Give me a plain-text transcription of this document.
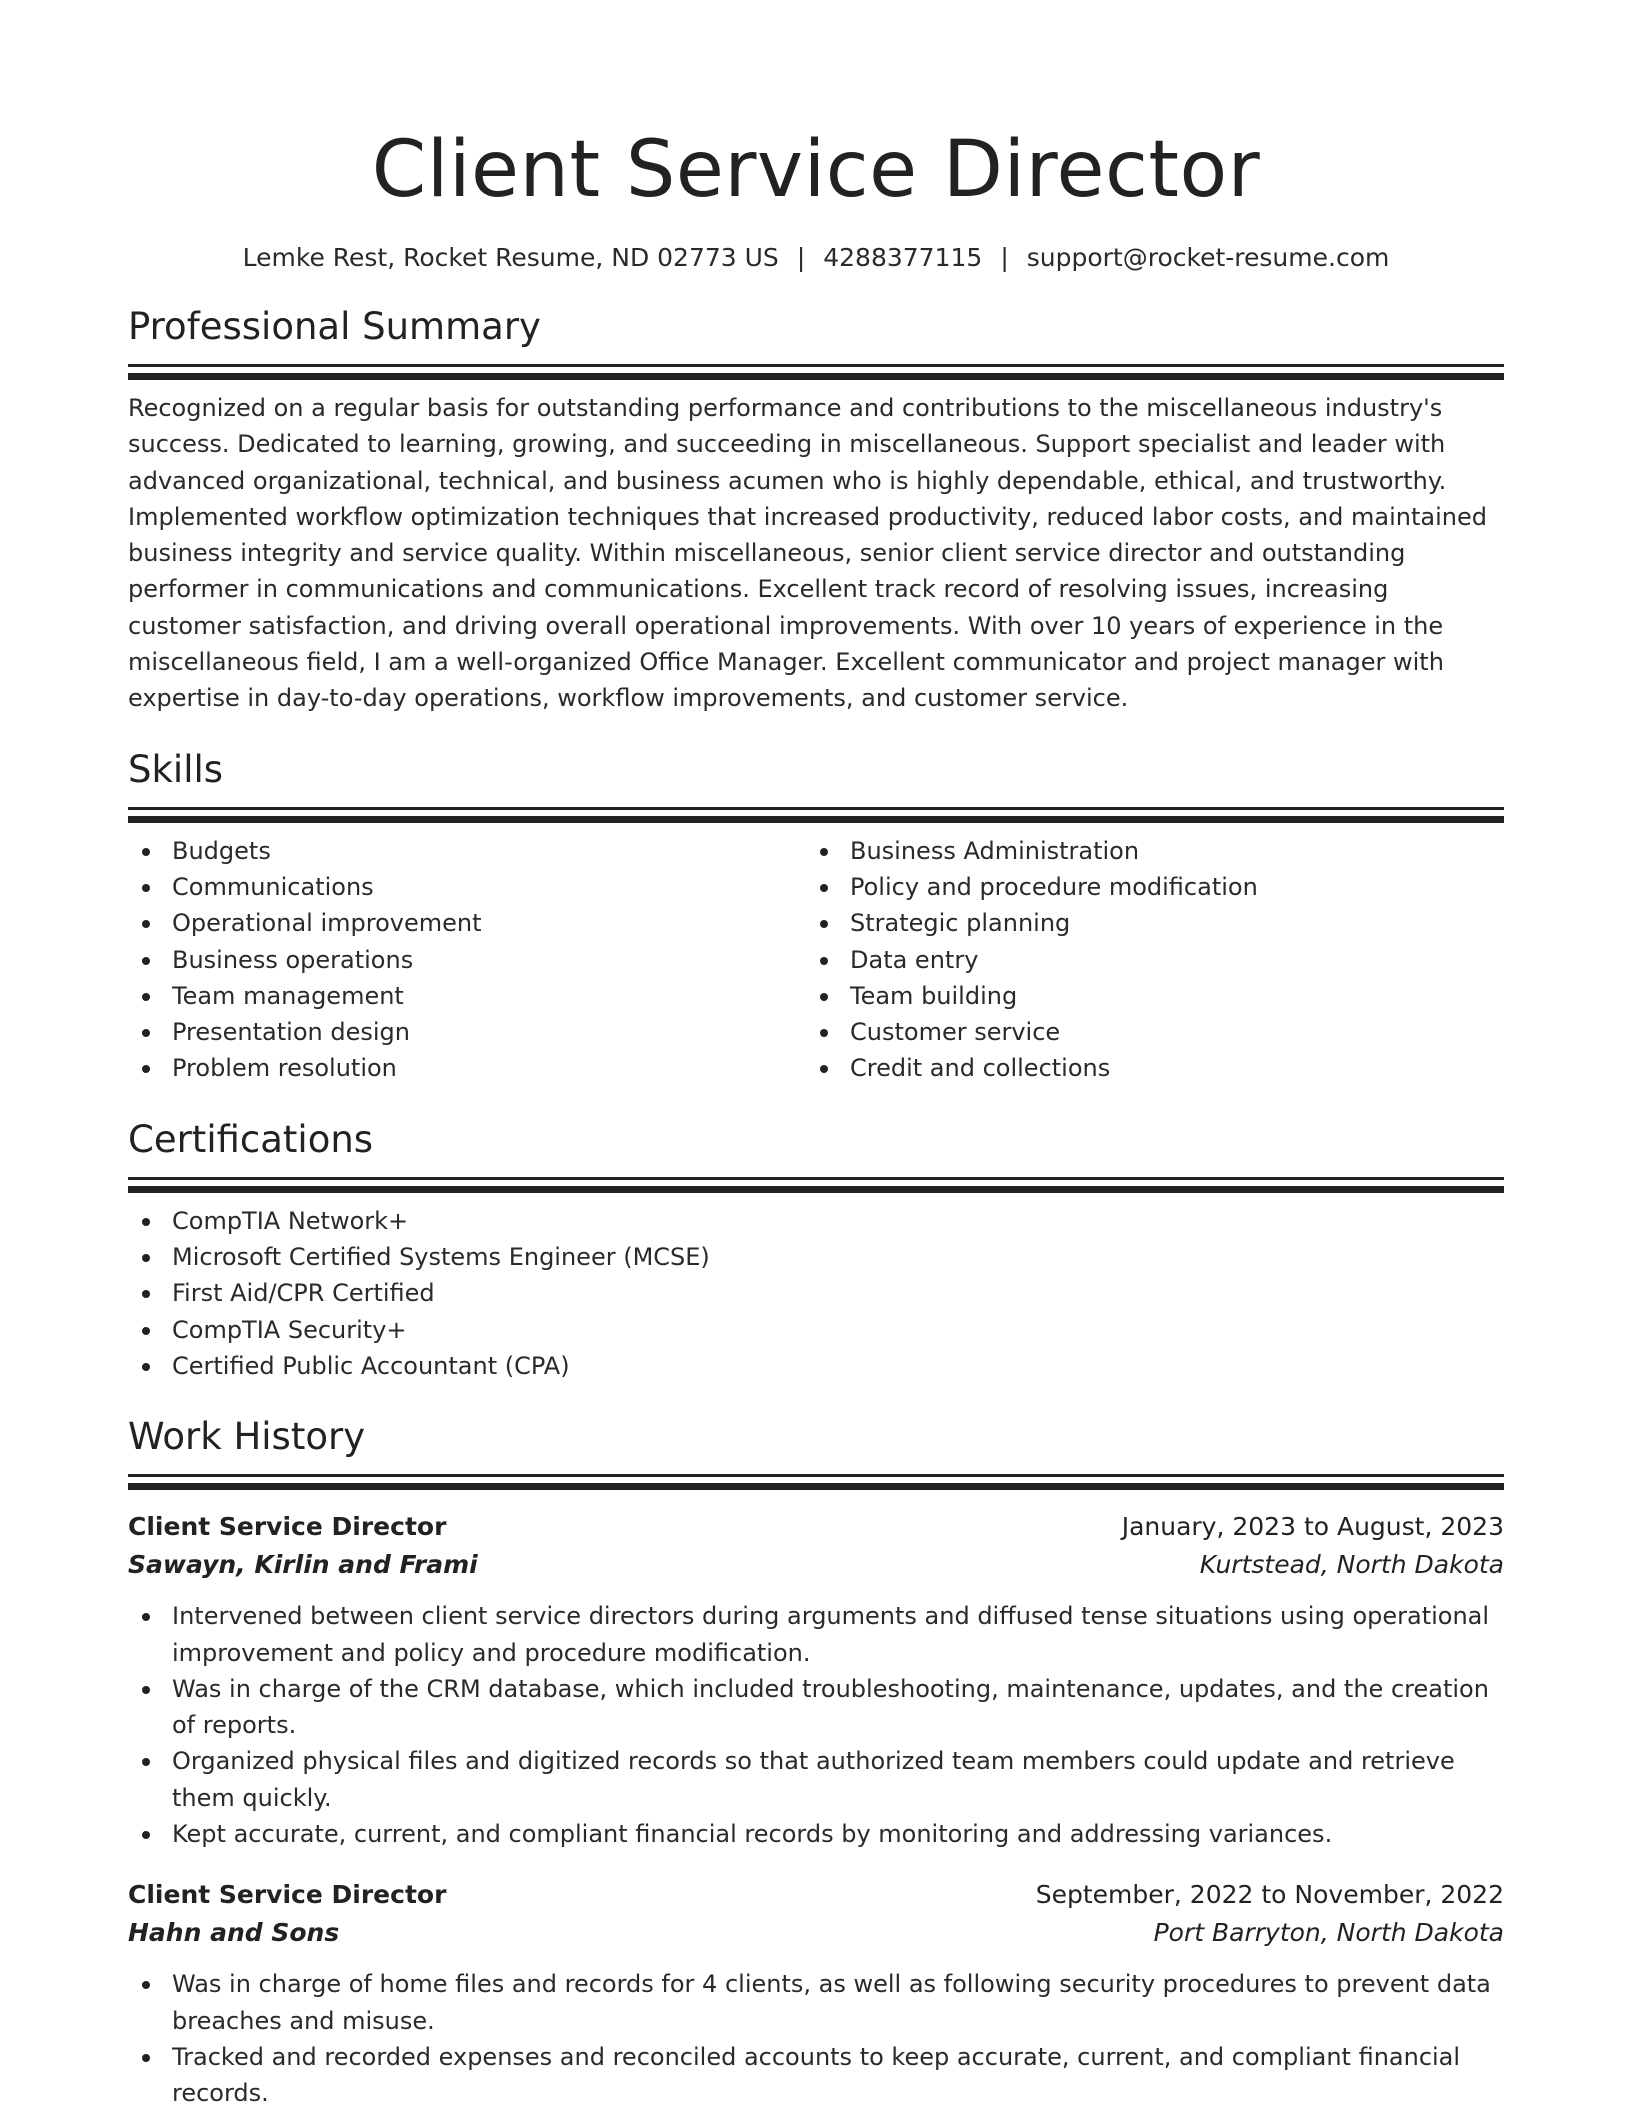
Client Service Director
Lemke Rest, Rocket Resume, ND 02773 US | 4288377115 | support@rocket-resume.com
Professional Summary
Recognized on a regular basis for outstanding performance and contributions to the miscellaneous industry's success. Dedicated to learning, growing, and succeeding in miscellaneous. Support specialist and leader with advanced organizational, technical, and business acumen who is highly dependable, ethical, and trustworthy. Implemented workflow optimization techniques that increased productivity, reduced labor costs, and maintained business integrity and service quality. Within miscellaneous, senior client service director and outstanding performer in communications and communications. Excellent track record of resolving issues, increasing customer satisfaction, and driving overall operational improvements. With over 10 years of experience in the miscellaneous field, I am a well-organized Office Manager. Excellent communicator and project manager with expertise in day-to-day operations, workflow improvements, and customer service.
Skills
Budgets
Communications
Operational improvement
Business operations
Team management
Presentation design
Problem resolution
Business Administration
Policy and procedure modification
Strategic planning
Data entry
Team building
Customer service
Credit and collections
Certifications
CompTIA Network+
Microsoft Certified Systems Engineer (MCSE)
First Aid/CPR Certified
CompTIA Security+
Certified Public Accountant (CPA)
Work History
Client Service Director	January, 2023 to August, 2023
Sawayn, Kirlin and Frami	Kurtstead, North Dakota
Intervened between client service directors during arguments and diffused tense situations using operational improvement and policy and procedure modification.
Was in charge of the CRM database, which included troubleshooting, maintenance, updates, and the creation of reports.
Organized physical files and digitized records so that authorized team members could update and retrieve them quickly.
Kept accurate, current, and compliant financial records by monitoring and addressing variances.
Client Service Director	September, 2022 to November, 2022
Hahn and Sons	Port Barryton, North Dakota
Was in charge of home files and records for 4 clients, as well as following security procedures to prevent data breaches and misuse.
Tracked and recorded expenses and reconciled accounts to keep accurate, current, and compliant financial records.
